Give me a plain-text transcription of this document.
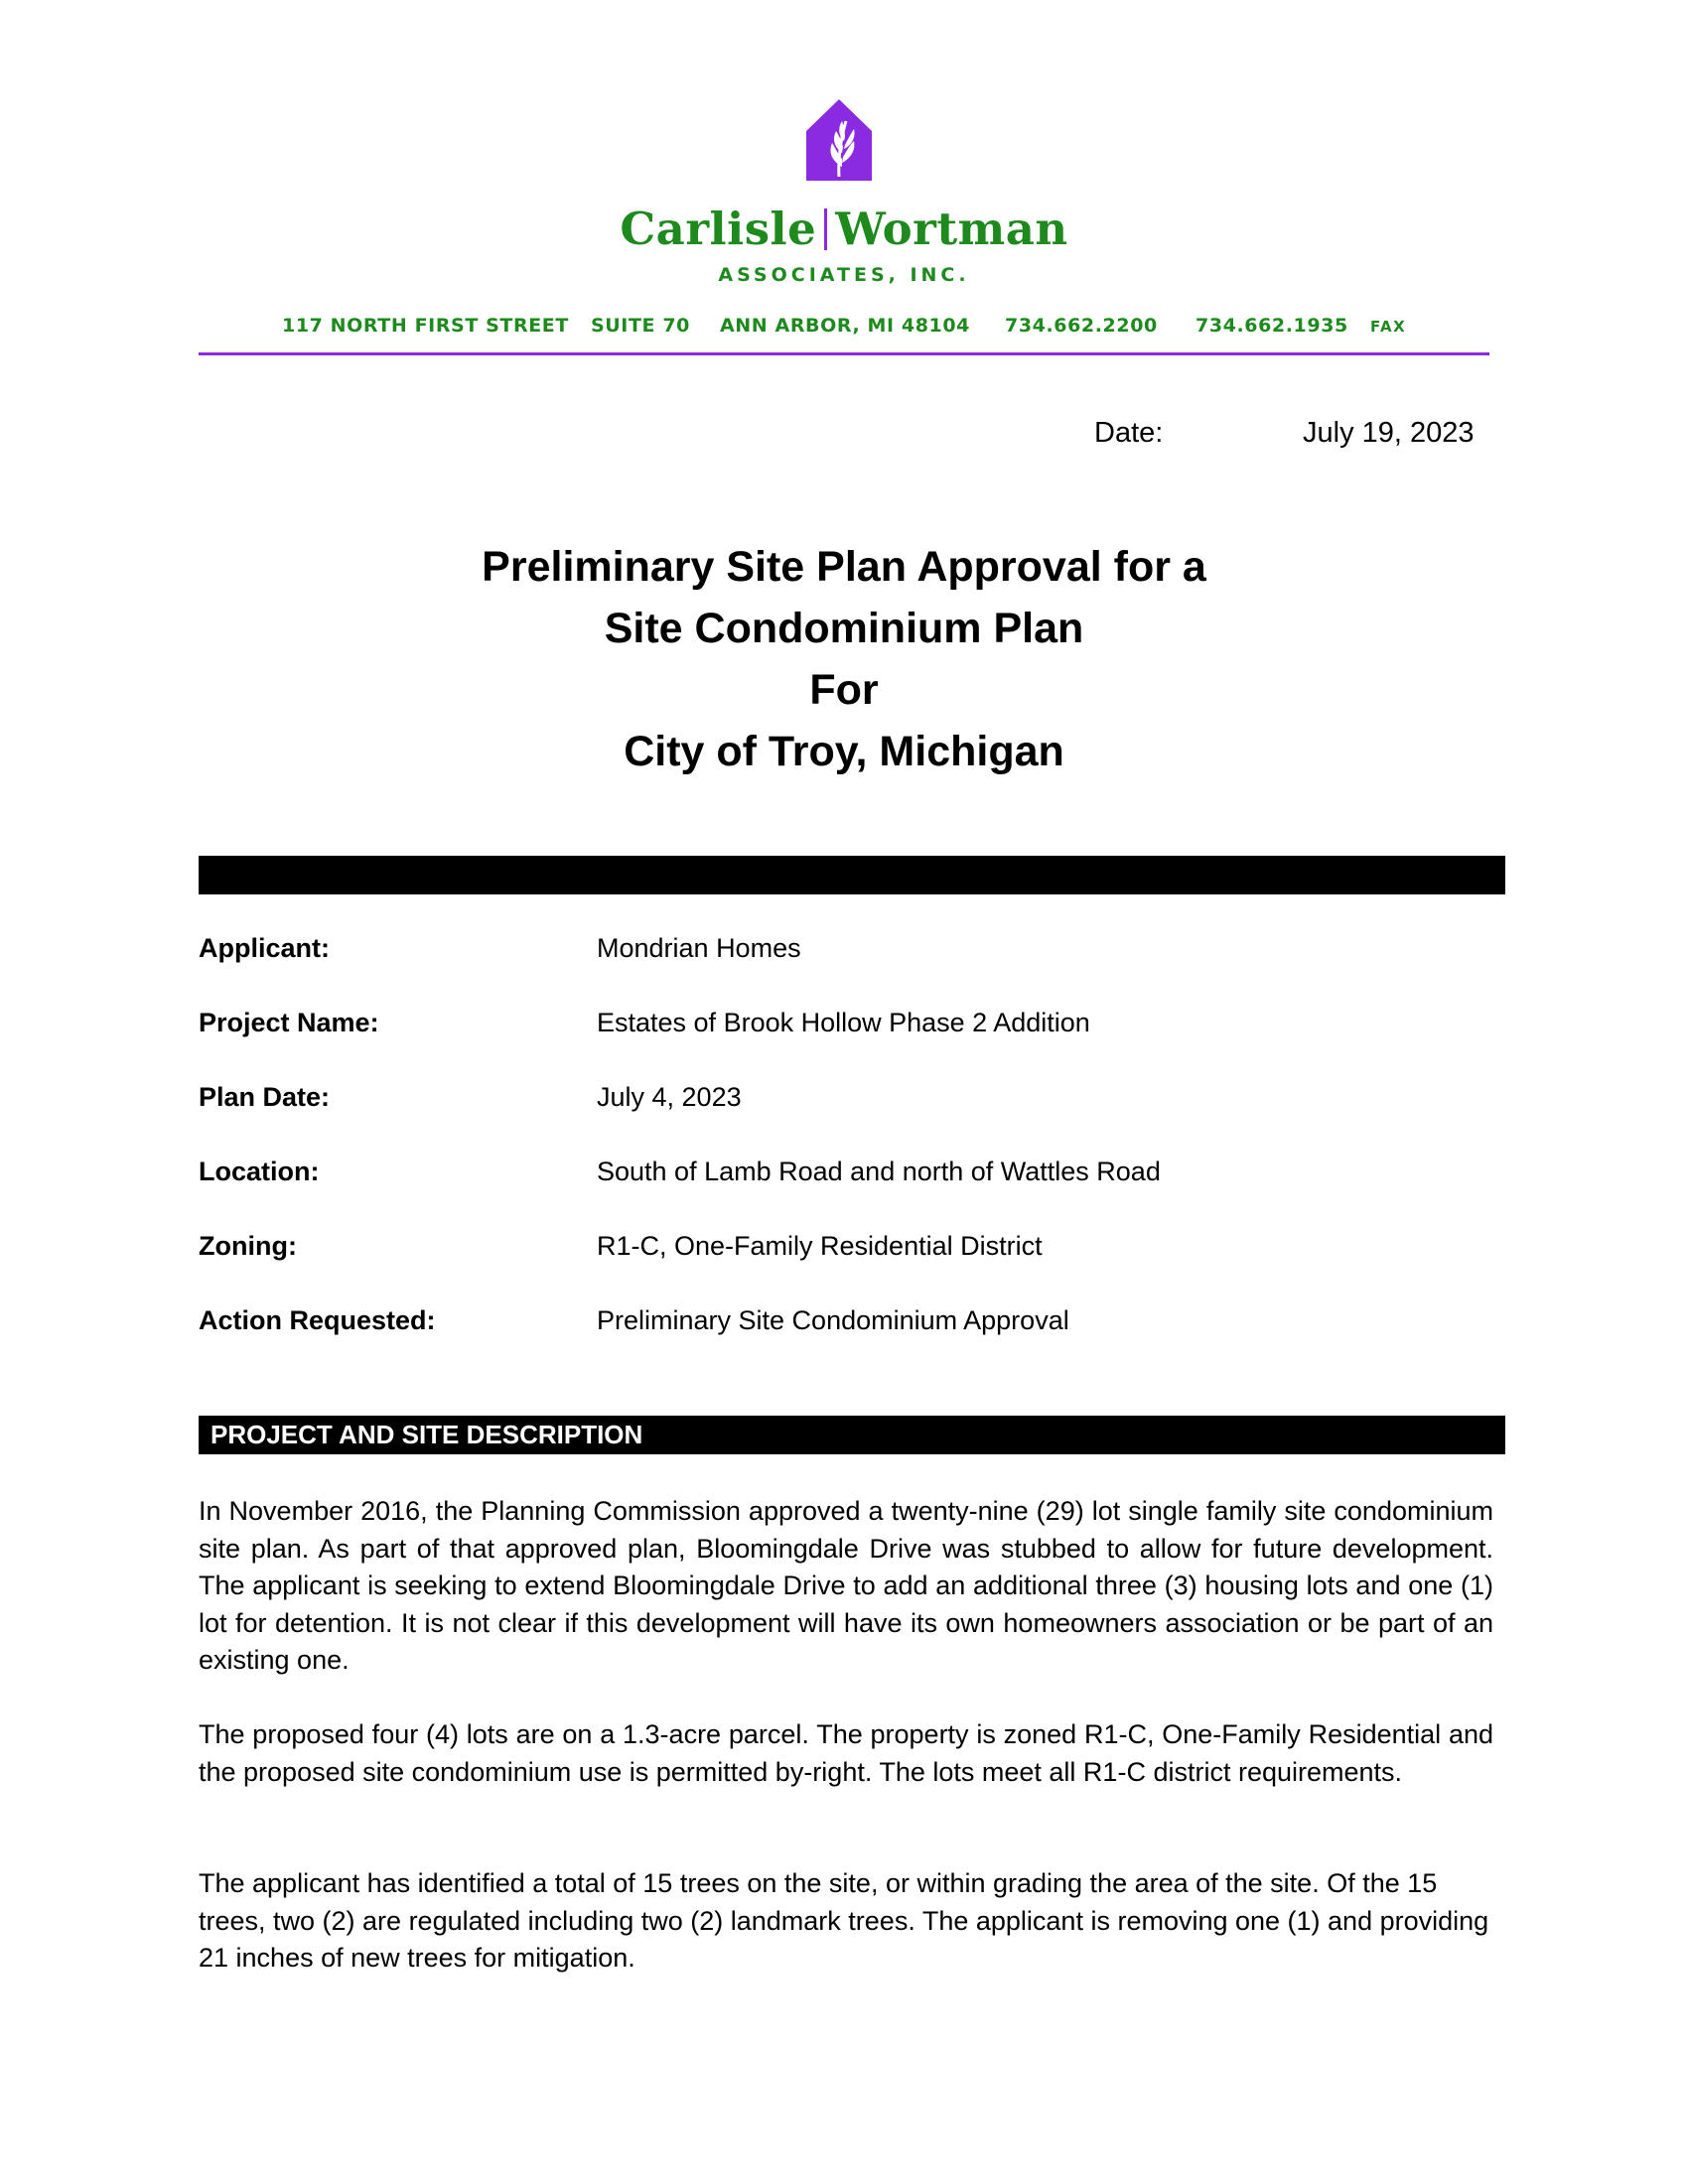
Carlisle Wortman
ASSOCIATES, INC.
117 NORTH FIRST STREET SUITE 70 ANN ARBOR, MI 48104 734.662.2200 734.662.1935 FAX
Date:	July 19, 2023
Preliminary Site Plan Approval for a
Site Condominium Plan
For
City of Troy, Michigan
Applicant:	Mondrian Homes
Project Name:	Estates of Brook Hollow Phase 2 Addition
Plan Date:	July 4, 2023
Location:	South of Lamb Road and north of Wattles Road
Zoning:	R1-C, One-Family Residential District
Action Requested:	Preliminary Site Condominium Approval
PROJECT AND SITE DESCRIPTION
In November 2016, the Planning Commission approved a twenty-nine (29) lot single family site condominium site plan. As part of that approved plan, Bloomingdale Drive was stubbed to allow for future development. The applicant is seeking to extend Bloomingdale Drive to add an additional three (3) housing lots and one (1) lot for detention. It is not clear if this development will have its own homeowners association or be part of an existing one.
The proposed four (4) lots are on a 1.3-acre parcel. The property is zoned R1-C, One-Family Residential and the proposed site condominium use is permitted by-right. The lots meet all R1-C district requirements.
The applicant has identified a total of 15 trees on the site, or within grading the area of the site. Of the 15 trees, two (2) are regulated including two (2) landmark trees. The applicant is removing one (1) and providing 21 inches of new trees for mitigation.
